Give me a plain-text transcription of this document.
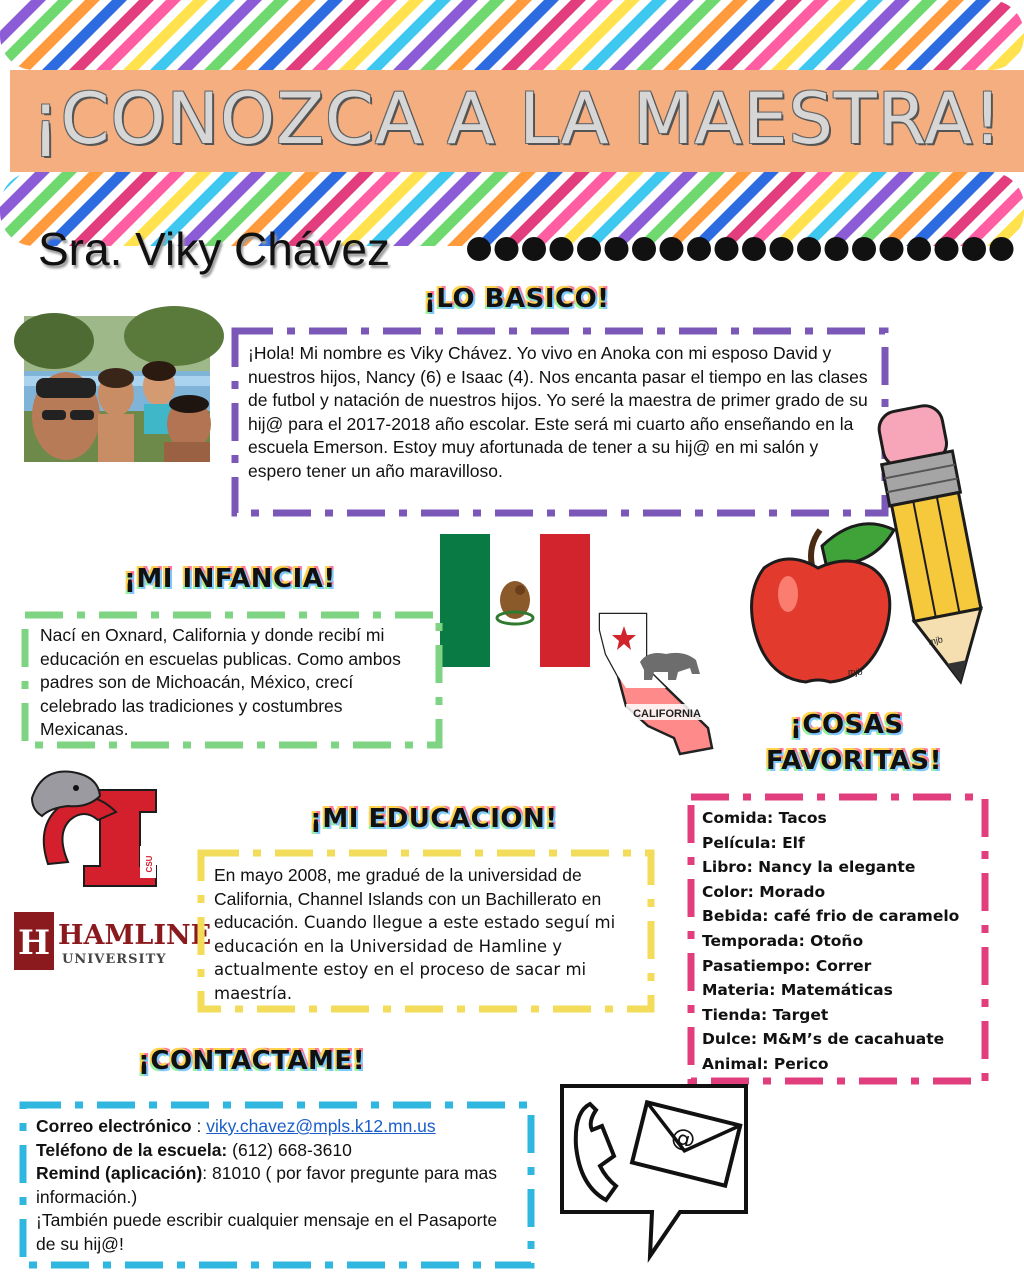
¡CONOZCA A LA MAESTRA!
Sra. Viky Chávez
¡LO BASICO!
¡Hola! Mi nombre es Viky Chávez. Yo vivo en Anoka con mi esposo David y nuestros hijos, Nancy (6) e Isaac (4). Nos encanta pasar el tiempo en las clases de futbol y natación de nuestros hijos. Yo seré la maestra de primer grado de su hij@ para el 2017-2018 año escolar. Este será mi cuarto año enseñando en la escuela Emerson. Estoy muy afortunada de tener a su hij@ en mi salón y espero tener un año maravilloso.
CALIFORNIA
mjb
mjb
¡MI INFANCIA!
Nací en Oxnard, California y donde recibí mi educación en escuelas publicas. Como ambos padres son de Michoacán, México, crecí celebrado las tradiciones y costumbres Mexicanas.	¡COSAS
FAVORITAS!
Comida: Tacos
Película: Elf
Libro: Nancy la elegante
Color: Morado
Bebida: café frio de caramelo
Temporada: Otoño
Pasatiempo: Correr
Materia: Matemáticas
Tienda: Target
Dulce: M&M’s de cacahuate
Animal: Perico
CSU
H HAMLINE
UNIVERSITY
¡MI EDUCACION!
En mayo 2008, me gradué de la universidad de California, Channel Islands con un Bachillerato en educación. Cuando llegue a este estado seguí mi educación en la Universidad de Hamline y actualmente estoy en el proceso de sacar mi maestría.
¡CONTACTAME!
Correo electrónico : viky.chavez@mpls.k12.mn.us
Teléfono de la escuela: (612) 668-3610
Remind (aplicación): 81010 ( por favor pregunte para mas información.)
¡También puede escribir cualquier mensaje en el Pasaporte de su hij@!
@
